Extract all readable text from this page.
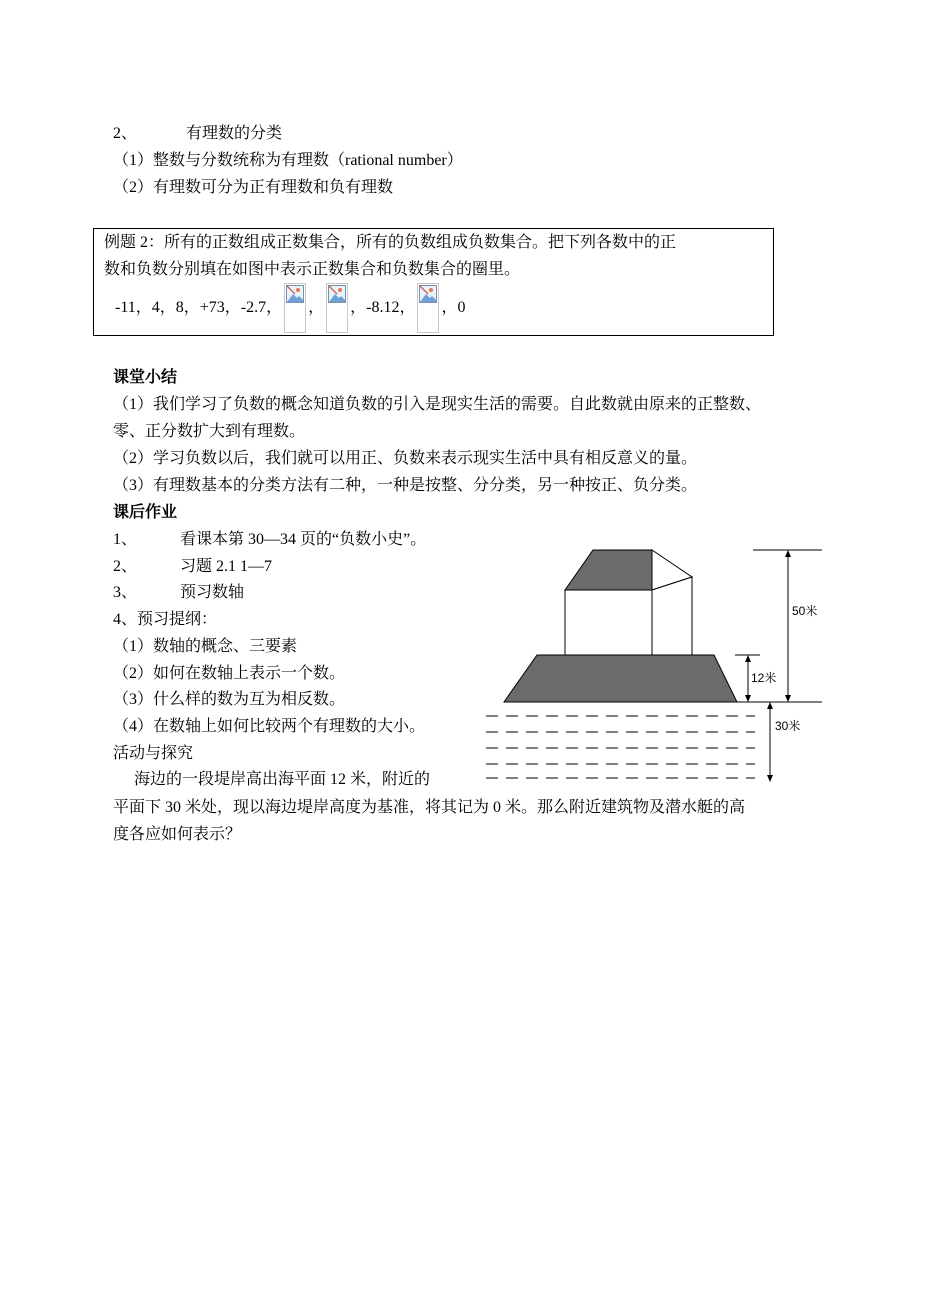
2、	有理数的分类
（1）整数与分数统称为有理数（rational number）
（2）有理数可分为正有理数和负有理数
例题 2：所有的正数组成正数集合，所有的负数组成负数集合。把下列各数中的正
数和负数分别填在如图中表示正数集合和负数集合的圈里。
-11，4，8，+73，-2.7， ， ，-8.12， ，0
课堂小结
（1）我们学习了负数的概念知道负数的引入是现实生活的需要。自此数就由原来的正整数、
零、正分数扩大到有理数。
（2）学习负数以后，我们就可以用正、负数来表示现实生活中具有相反意义的量。
（3）有理数基本的分类方法有二种，一种是按整、分分类，另一种按正、负分类。
课后作业
1、	看课本第 30—34 页的“负数小史”。
2、	习题 2.1 1—7
3、	预习数轴
4、预习提纲：
（1）数轴的概念、三要素
（2）如何在数轴上表示一个数。
（3）什么样的数为互为相反数。
（4）在数轴上如何比较两个有理数的大小。
活动与探究
海边的一段堤岸高出海平面 12 米，附近的
平面下 30 米处，现以海边堤岸高度为基准，将其记为 0 米。那么附近建筑物及潜水艇的高
度各应如何表示？
50米
12米
30米
